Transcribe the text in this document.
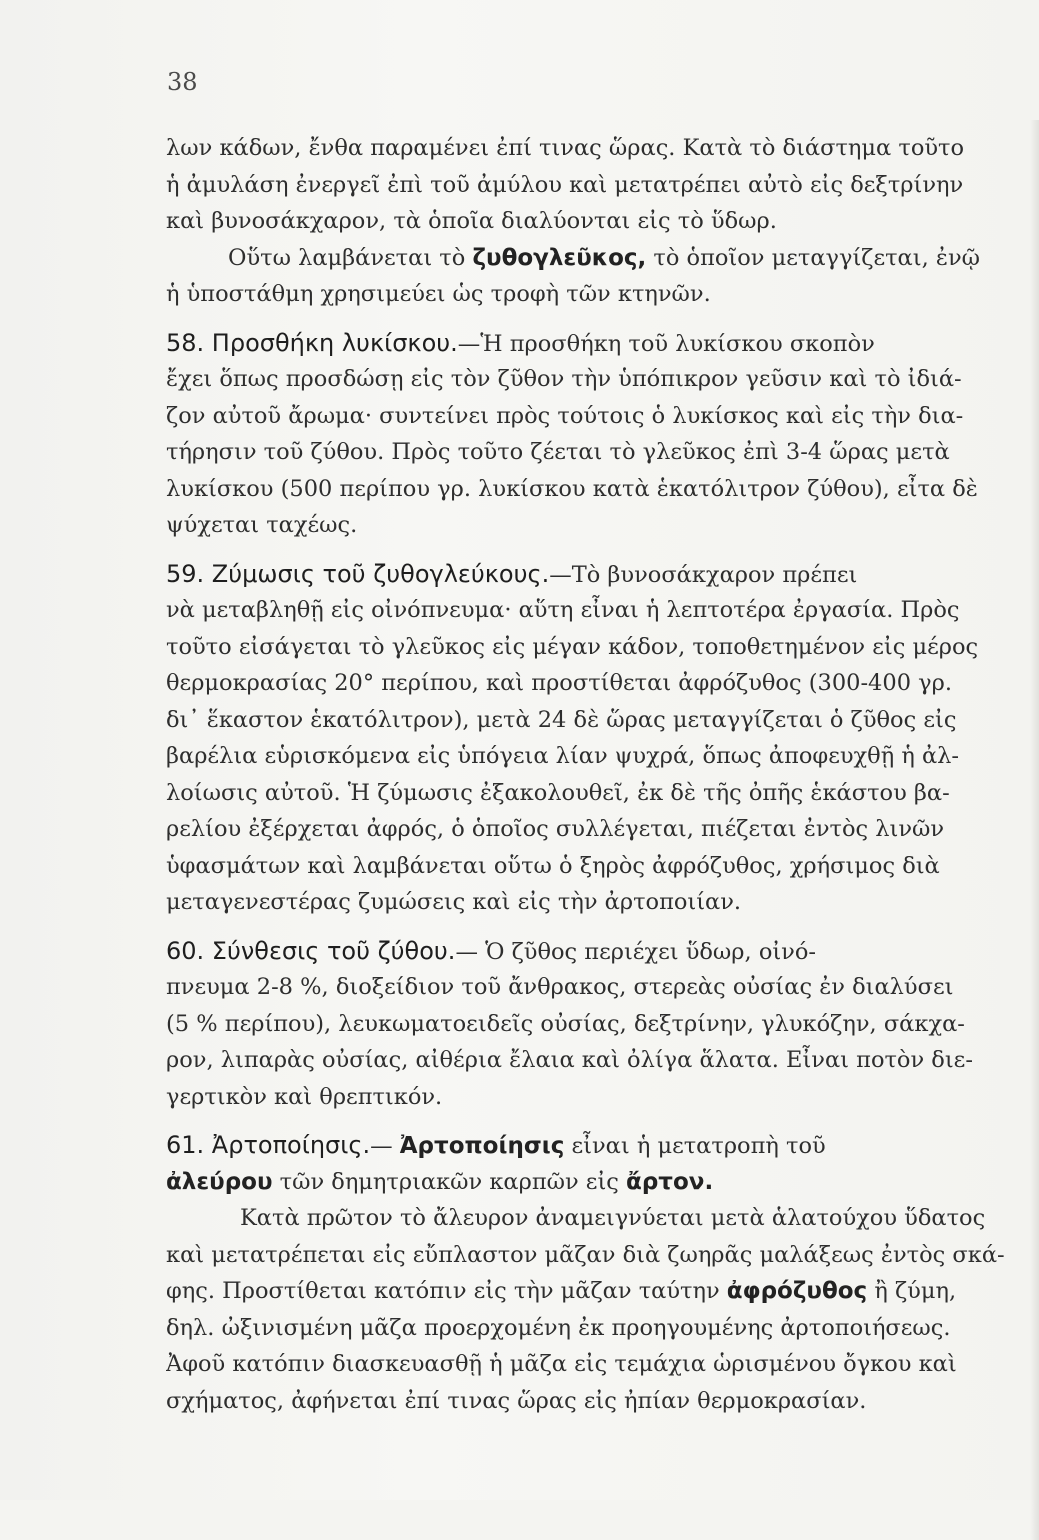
38
λων κάδων, ἔνθα παραμένει ἐπί τινας ὥρας. Κατὰ τὸ διάστημα τοῦτο
ἡ ἀμυλάση ἐνεργεῖ ἐπὶ τοῦ ἀμύλου καὶ μετατρέπει αὐτὸ εἰς δεξτρίνην
καὶ βυνοσάκχαρον, τὰ ὁποῖα διαλύονται εἰς τὸ ὕδωρ.
Οὕτω λαμβάνεται τὸ ζυθογλεῦκος, τὸ ὁποῖον μεταγγίζεται, ἐνῷ
ἡ ὑποστάθμη χρησιμεύει ὡς τροφὴ τῶν κτηνῶν.
58. Προσθήκη λυκίσκου.—Ἡ προσθήκη τοῦ λυκίσκου σκοπὸν
ἔχει ὅπως προσδώσῃ εἰς τὸν ζῦθον τὴν ὑπόπικρον γεῦσιν καὶ τὸ ἰδιά-
ζον αὐτοῦ ἄρωμα· συντείνει πρὸς τούτοις ὁ λυκίσκος καὶ εἰς τὴν δια-
τήρησιν τοῦ ζύθου. Πρὸς τοῦτο ζέεται τὸ γλεῦκος ἐπὶ 3-4 ὥρας μετὰ
λυκίσκου (500 περίπου γρ. λυκίσκου κατὰ ἑκατόλιτρον ζύθου), εἶτα δὲ
ψύχεται ταχέως.
59. Ζύμωσις τοῦ ζυθογλεύκους.—Τὸ βυνοσάκχαρον πρέπει
νὰ μεταβληθῇ εἰς οἰνόπνευμα· αὕτη εἶναι ἡ λεπτοτέρα ἐργασία. Πρὸς
τοῦτο εἰσάγεται τὸ γλεῦκος εἰς μέγαν κάδον, τοποθετημένον εἰς μέρος
θερμοκρασίας 20° περίπου, καὶ προστίθεται ἀφρόζυθος (300-400 γρ.
δι᾽ ἕκαστον ἑκατόλιτρον), μετὰ 24 δὲ ὥρας μεταγγίζεται ὁ ζῦθος εἰς
βαρέλια εὑρισκόμενα εἰς ὑπόγεια λίαν ψυχρά, ὅπως ἀποφευχθῇ ἡ ἀλ-
λοίωσις αὐτοῦ. Ἡ ζύμωσις ἐξακολουθεῖ, ἐκ δὲ τῆς ὀπῆς ἑκάστου βα-
ρελίου ἐξέρχεται ἀφρός, ὁ ὁποῖος συλλέγεται, πιέζεται ἐντὸς λινῶν
ὑφασμάτων καὶ λαμβάνεται οὕτω ὁ ξηρὸς ἀφρόζυθος, χρήσιμος διὰ
μεταγενεστέρας ζυμώσεις καὶ εἰς τὴν ἀρτοποιίαν.
60. Σύνθεσις τοῦ ζύθου.— Ὁ ζῦθος περιέχει ὕδωρ, οἰνό-
πνευμα 2-8 %, διοξείδιον τοῦ ἄνθρακος, στερεὰς οὐσίας ἐν διαλύσει
(5 % περίπου), λευκωματοειδεῖς οὐσίας, δεξτρίνην, γλυκόζην, σάκχα-
ρον, λιπαρὰς οὐσίας, αἰθέρια ἔλαια καὶ ὀλίγα ἅλατα. Εἶναι ποτὸν διε-
γερτικὸν καὶ θρεπτικόν.
61. Ἀρτοποίησις.— Ἀρτοποίησις εἶναι ἡ μετατροπὴ τοῦ
ἀλεύρου τῶν δημητριακῶν καρπῶν εἰς ἄρτον.
Κατὰ πρῶτον τὸ ἄλευρον ἀναμειγνύεται μετὰ ἁλατούχου ὕδατος
καὶ μετατρέπεται εἰς εὔπλαστον μᾶζαν διὰ ζωηρᾶς μαλάξεως ἐντὸς σκά-
φης. Προστίθεται κατόπιν εἰς τὴν μᾶζαν ταύτην ἀφρόζυθος ἢ ζύμη,
δηλ. ὠξινισμένη μᾶζα προερχομένη ἐκ προηγουμένης ἀρτοποιήσεως.
Ἀφοῦ κατόπιν διασκευασθῇ ἡ μᾶζα εἰς τεμάχια ὡρισμένου ὄγκου καὶ
σχήματος, ἀφήνεται ἐπί τινας ὥρας εἰς ἠπίαν θερμοκρασίαν.
